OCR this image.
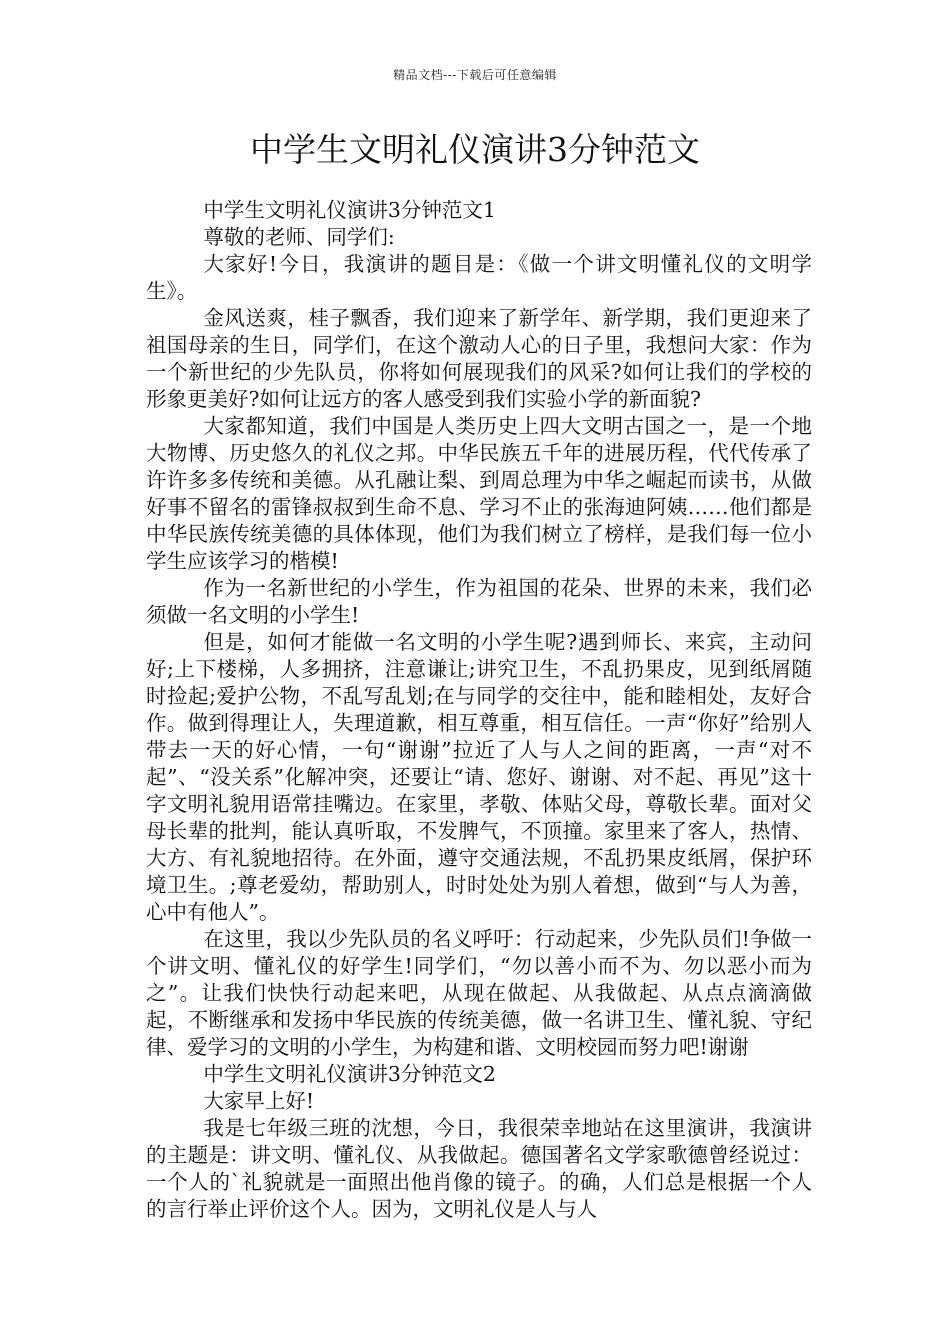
精品文档---下载后可任意编辑
中学生文明礼仪演讲3分钟范文

中学生文明礼仪演讲3分钟范文1

尊敬的老师、同学们:

大家好!今日，我演讲的题目是：《做一个讲文明懂礼仪的文明学生》。

金风送爽，桂子飘香，我们迎来了新学年、新学期，我们更迎来了祖国母亲的生日，同学们，在这个激动人心的日子里，我想问大家：作为一个新世纪的少先队员，你将如何展现我们的风采?如何让我们的学校的形象更美好?如何让远方的客人感受到我们实验小学的新面貌?

大家都知道，我们中国是人类历史上四大文明古国之一，是一个地大物博、历史悠久的礼仪之邦。中华民族五千年的进展历程，代代传承了许许多多传统和美德。从孔融让梨、到周总理为中华之崛起而读书，从做好事不留名的雷锋叔叔到生命不息、学习不止的张海迪阿姨……他们都是中华民族传统美德的具体体现，他们为我们树立了榜样，是我们每一位小学生应该学习的楷模!

作为一名新世纪的小学生，作为祖国的花朵、世界的未来，我们必须做一名文明的小学生!

但是，如何才能做一名文明的小学生呢?遇到师长、来宾，主动问好;上下楼梯，人多拥挤，注意谦让;讲究卫生，不乱扔果皮，见到纸屑随时捡起;爱护公物，不乱写乱划;在与同学的交往中，能和睦相处，友好合作。做到得理让人，失理道歉，相互尊重，相互信任。一声“你好”给别人带去一天的好心情，一句“谢谢”拉近了人与人之间的距离，一声“对不起”、“没关系”化解冲突，还要让“请、您好、谢谢、对不起、再见”这十字文明礼貌用语常挂嘴边。在家里，孝敬、体贴父母，尊敬长辈。面对父母长辈的批判，能认真听取，不发脾气，不顶撞。家里来了客人，热情、大方、有礼貌地招待。在外面，遵守交通法规，不乱扔果皮纸屑，保护环境卫生。;尊老爱幼，帮助别人，时时处处为别人着想，做到“与人为善，心中有他人”。

在这里，我以少先队员的名义呼吁：行动起来，少先队员们!争做一个讲文明、懂礼仪的好学生!同学们，“勿以善小而不为、勿以恶小而为之”。让我们快快行动起来吧，从现在做起、从我做起、从点点滴滴做起，不断继承和发扬中华民族的传统美德，做一名讲卫生、懂礼貌、守纪律、爱学习的文明的小学生，为构建和谐、文明校园而努力吧!谢谢

中学生文明礼仪演讲3分钟范文2

大家早上好!

我是七年级三班的沈想，今日，我很荣幸地站在这里演讲，我演讲的主题是：讲文明、懂礼仪、从我做起。德国著名文学家歌德曾经说过：一个人的`礼貌就是一面照出他肖像的镜子。的确，人们总是根据一个人的言行举止评价这个人。因为，文明礼仪是人与人
